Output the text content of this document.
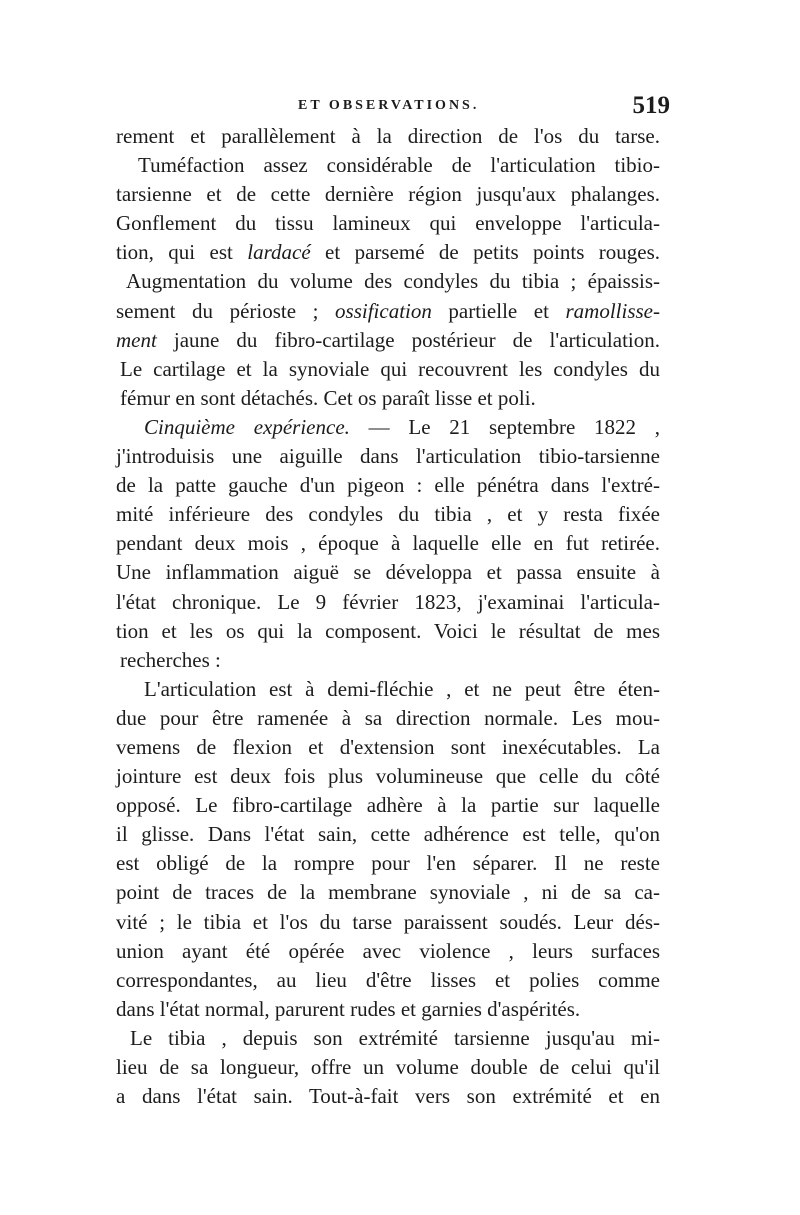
ET OBSERVATIONS.	519
rement et parallèlement à la direction de l'os du tarse.
Tuméfaction assez considérable de l'articulation tibio-
tarsienne et de cette dernière région jusqu'aux phalanges.
Gonflement du tissu lamineux qui enveloppe l'articula-
tion, qui est lardacé et parsemé de petits points rouges.
Augmentation du volume des condyles du tibia ; épaissis-
sement du périoste ; ossification partielle et ramollisse-
ment jaune du fibro-cartilage postérieur de l'articulation.
Le cartilage et la synoviale qui recouvrent les condyles du
fémur en sont détachés. Cet os paraît lisse et poli.
Cinquième expérience. — Le 21 septembre 1822 ,
j'introduisis une aiguille dans l'articulation tibio-tarsienne
de la patte gauche d'un pigeon : elle pénétra dans l'extré-
mité inférieure des condyles du tibia , et y resta fixée
pendant deux mois , époque à laquelle elle en fut retirée.
Une inflammation aiguë se développa et passa ensuite à
l'état chronique. Le 9 février 1823, j'examinai l'articula-
tion et les os qui la composent. Voici le résultat de mes
recherches :
L'articulation est à demi-fléchie , et ne peut être éten-
due pour être ramenée à sa direction normale. Les mou-
vemens de flexion et d'extension sont inexécutables. La
jointure est deux fois plus volumineuse que celle du côté
opposé. Le fibro-cartilage adhère à la partie sur laquelle
il glisse. Dans l'état sain, cette adhérence est telle, qu'on
est obligé de la rompre pour l'en séparer. Il ne reste
point de traces de la membrane synoviale , ni de sa ca-
vité ; le tibia et l'os du tarse paraissent soudés. Leur dés-
union ayant été opérée avec violence , leurs surfaces
correspondantes, au lieu d'être lisses et polies comme
dans l'état normal, parurent rudes et garnies d'aspérités.
Le tibia , depuis son extrémité tarsienne jusqu'au mi-
lieu de sa longueur, offre un volume double de celui qu'il
a dans l'état sain. Tout-à-fait vers son extrémité et en
